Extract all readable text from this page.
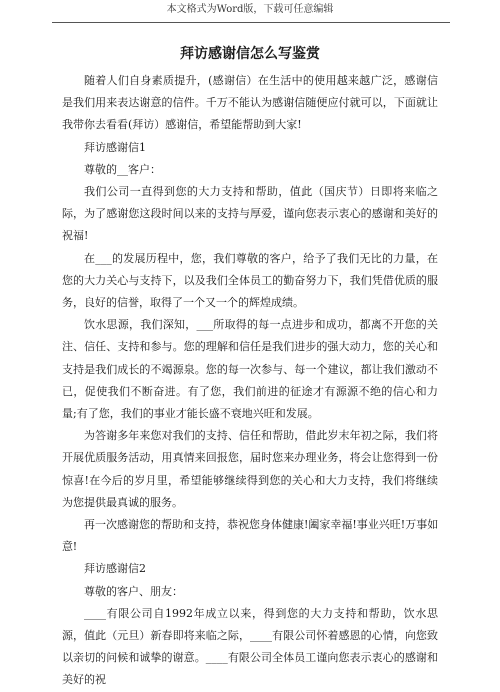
本文格式为Word版，下载可任意编辑
拜访感谢信怎么写鉴赏

随着人们自身素质提升，(感谢信）在生活中的使用越来越广泛，感谢信是我们用来表达谢意的信件。千万不能认为感谢信随便应付就可以，下面就让我带你去看看(拜访）感谢信，希望能帮助到大家!

拜访感谢信1

尊敬的__客户：

我们公司一直得到您的大力支持和帮助，值此（国庆节）日即将来临之际，为了感谢您这段时间以来的支持与厚爱，谨向您表示衷心的感谢和美好的祝福!

在___的发展历程中，您，我们尊敬的客户，给予了我们无比的力量，在您的大力关心与支持下，以及我们全体员工的勤奋努力下，我们凭借优质的服务，良好的信誉，取得了一个又一个的辉煌成绩。

饮水思源，我们深知，___所取得的每一点进步和成功，都离不开您的关注、信任、支持和参与。您的理解和信任是我们进步的强大动力，您的关心和支持是我们成长的不竭源泉。您的每一次参与、每一个建议，都让我们激动不已，促使我们不断奋进。有了您，我们前进的征途才有源源不绝的信心和力量;有了您，我们的事业才能长盛不衰地兴旺和发展。

为答谢多年来您对我们的支持、信任和帮助，借此岁末年初之际，我们将开展优质服务活动，用真情来回报您，届时您来办理业务，将会让您得到一份惊喜!在今后的岁月里，希望能够继续得到您的关心和大力支持，我们将继续为您提供最真诚的服务。

再一次感谢您的帮助和支持，恭祝您身体健康!阖家幸福!事业兴旺!万事如意!

拜访感谢信2

尊敬的客户、朋友：

____有限公司自1992年成立以来，得到您的大力支持和帮助，饮水思源，值此（元旦）新春即将来临之际，____有限公司怀着感恩的心情，向您致以亲切的问候和诚挚的谢意。____有限公司全体员工谨向您表示衷心的感谢和美好的祝
